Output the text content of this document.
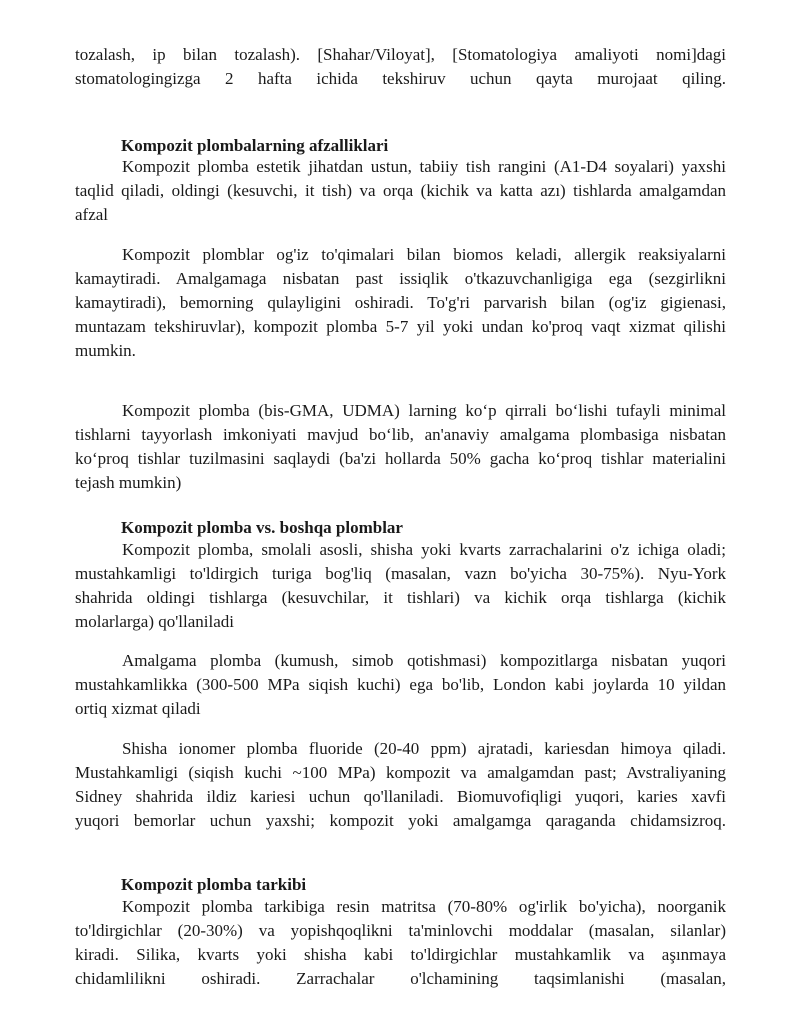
tozalash, ip bilan tozalash). [Shahar/Viloyat], [Stomatologiya amaliyoti nomi]dagi
stomatologingizga 2 hafta ichida tekshiruv uchun qayta murojaat qiling.
Kompozit plombalarning afzalliklari
Kompozit plomba estetik jihatdan ustun, tabiiy tish rangini (A1-D4 soyalari) yaxshi
taqlid qiladi, oldingi (kesuvchi, it tish) va orqa (kichik va katta azı) tishlarda amalgamdan
afzal
Kompozit plomblar og'iz to'qimalari bilan biomos keladi, allergik reaksiyalarni
kamaytiradi. Amalgamaga nisbatan past issiqlik o'tkazuvchanligiga ega (sezgirlikni
kamaytiradi), bemorning qulayligini oshiradi. To'g'ri parvarish bilan (og'iz gigienasi,
muntazam tekshiruvlar), kompozit plomba 5-7 yil yoki undan ko'proq vaqt xizmat qilishi
mumkin.
Kompozit plomba (bis-GMA, UDMA) larning koʻp qirrali boʻlishi tufayli minimal
tishlarni tayyorlash imkoniyati mavjud boʻlib, an'anaviy amalgama plombasiga nisbatan
koʻproq tishlar tuzilmasini saqlaydi (ba'zi hollarda 50% gacha koʻproq tishlar materialini
tejash mumkin)
Kompozit plomba vs. boshqa plomblar
Kompozit plomba, smolali asosli, shisha yoki kvarts zarrachalarini o'z ichiga oladi;
mustahkamligi to'ldirgich turiga bog'liq (masalan, vazn bo'yicha 30-75%). Nyu-York
shahrida oldingi tishlarga (kesuvchilar, it tishlari) va kichik orqa tishlarga (kichik
molarlarga) qo'llaniladi
Amalgama plomba (kumush, simob qotishmasi) kompozitlarga nisbatan yuqori
mustahkamlikka (300-500 MPa siqish kuchi) ega bo'lib, London kabi joylarda 10 yildan
ortiq xizmat qiladi
Shisha ionomer plomba fluoride (20-40 ppm) ajratadi, kariesdan himoya qiladi.
Mustahkamligi (siqish kuchi ~100 MPa) kompozit va amalgamdan past; Avstraliyaning
Sidney shahrida ildiz kariesi uchun qo'llaniladi. Biomuvofiqligi yuqori, karies xavfi
yuqori bemorlar uchun yaxshi; kompozit yoki amalgamga qaraganda chidamsizroq.
Kompozit plomba tarkibi
Kompozit plomba tarkibiga resin matritsa (70-80% og'irlik bo'yicha), noorganik
to'ldirgichlar (20-30%) va yopishqoqlikni ta'minlovchi moddalar (masalan, silanlar)
kiradi. Silika, kvarts yoki shisha kabi to'ldirgichlar mustahkamlik va aşınmaya
chidamlilikni oshiradi. Zarrachalar o'lchamining taqsimlanishi (masalan,
